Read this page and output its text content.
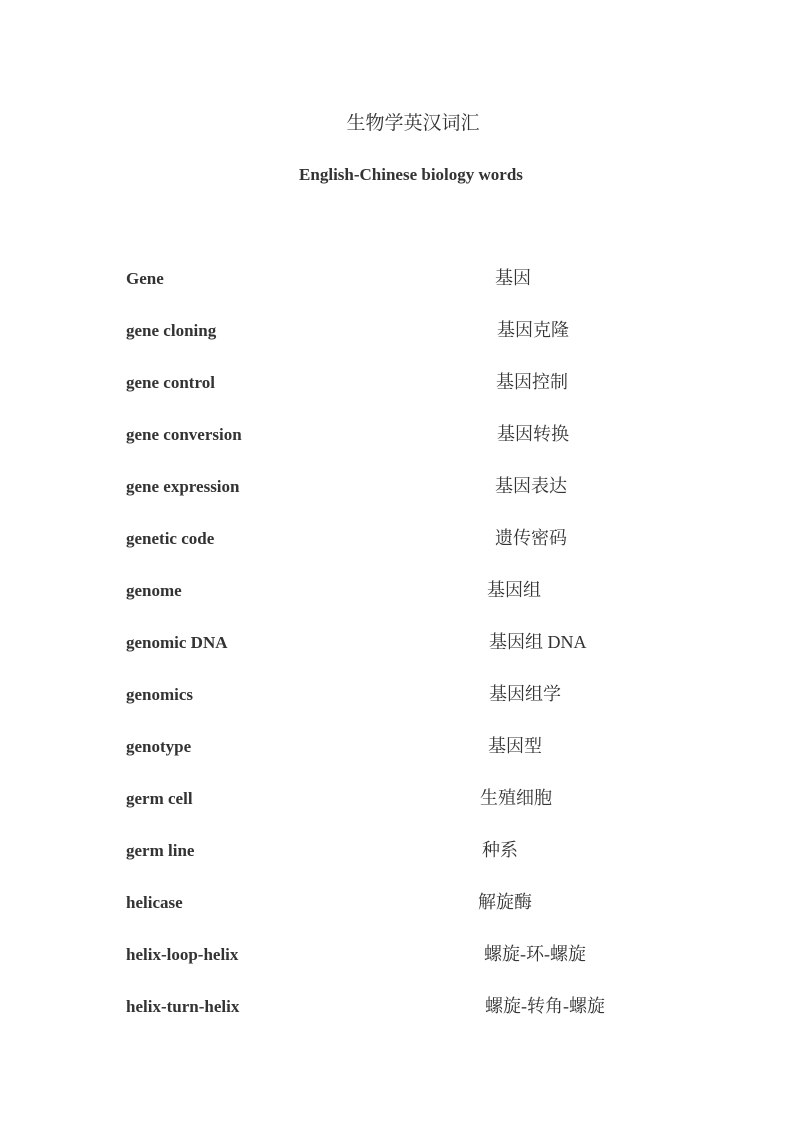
生物学英汉词汇
English-Chinese biology words
Gene	基因
gene cloning	基因克隆
gene control	基因控制
gene conversion	基因转换
gene expression	基因表达
genetic code	遗传密码
genome	基因组
genomic DNA	基因组 DNA
genomics	基因组学
genotype	基因型
germ cell	生殖细胞
germ line	种系
helicase	解旋酶
helix-loop-helix	螺旋-环-螺旋
helix-turn-helix	螺旋-转角-螺旋
